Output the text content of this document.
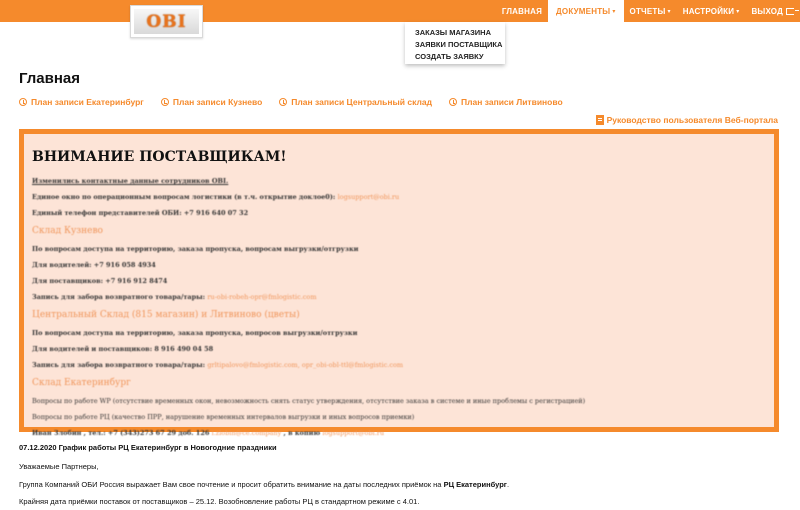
OBI
ГЛАВНАЯ ДОКУМЕНТЫ ▾ ОТЧЕТЫ ▾ НАСТРОЙКИ ▾ ВЫХОД
ЗАКАЗЫ МАГАЗИНА
ЗАЯВКИ ПОСТАВЩИКА
СОЗДАТЬ ЗАЯВКУ
Главная
План записи Екатеринбург	План записи Кузнево	План записи Центральный склад	План записи Литвиново
Руководство пользователя Веб-портала
ВНИМАНИЕ ПОСТАВЩИКАМ!
Изменились контактные данные сотрудников OBI.
Единое окно по операционным вопросам логистики (в т.ч. открытие доклое0): logsupport@obi.ru
Единый телефон представителей ОБИ: +7 916 640 07 32
Склад Кузнево
По вопросам доступа на территорию, заказа пропуска, вопросам выгрузки/отгрузки
Для водителей: +7 916 058 4934
Для поставщиков: +7 916 912 8474
Запись для забора возвратного товара/тары: ru-obi-robeh-opr@fmlogistic.com
Центральный Склад (815 магазин) и Литвиново (цветы)
По вопросам доступа на территорию, заказа пропуска, вопросов выгрузки/отгрузки
Для водителей и поставщиков: 8 916 490 04 58
Запись для забора возвратного товара/тары: grltipalovo@fmlogistic.com, opr_obi-obl-ttl@fmlogistic.com
Склад Екатеринбург
Вопросы по работе WP (отсутствие временных окон, невозможность снять статус утверждения, отсутствие заказа в системе и иные проблемы с регистрацией)
Вопросы по работе РЦ (качество ПРР, нарушение временных интервалов выгрузки и иных вопросов приемки)
Иван Злобин , тел.: +7 (343)273 67 29 доб. 126 i.zlobin@ce.company , в копию logsupport@obi.ru
07.12.2020 График работы РЦ Екатеринбург в Новогодние праздники
Уважаемые Партнеры,
Группа Компаний ОБИ Россия выражает Вам свое почтение и просит обратить внимание на даты последних приёмок на РЦ Екатеринбург.
Крайняя дата приёмки поставок от поставщиков – 25.12. Возобновление работы РЦ в стандартном режиме с 4.01.
